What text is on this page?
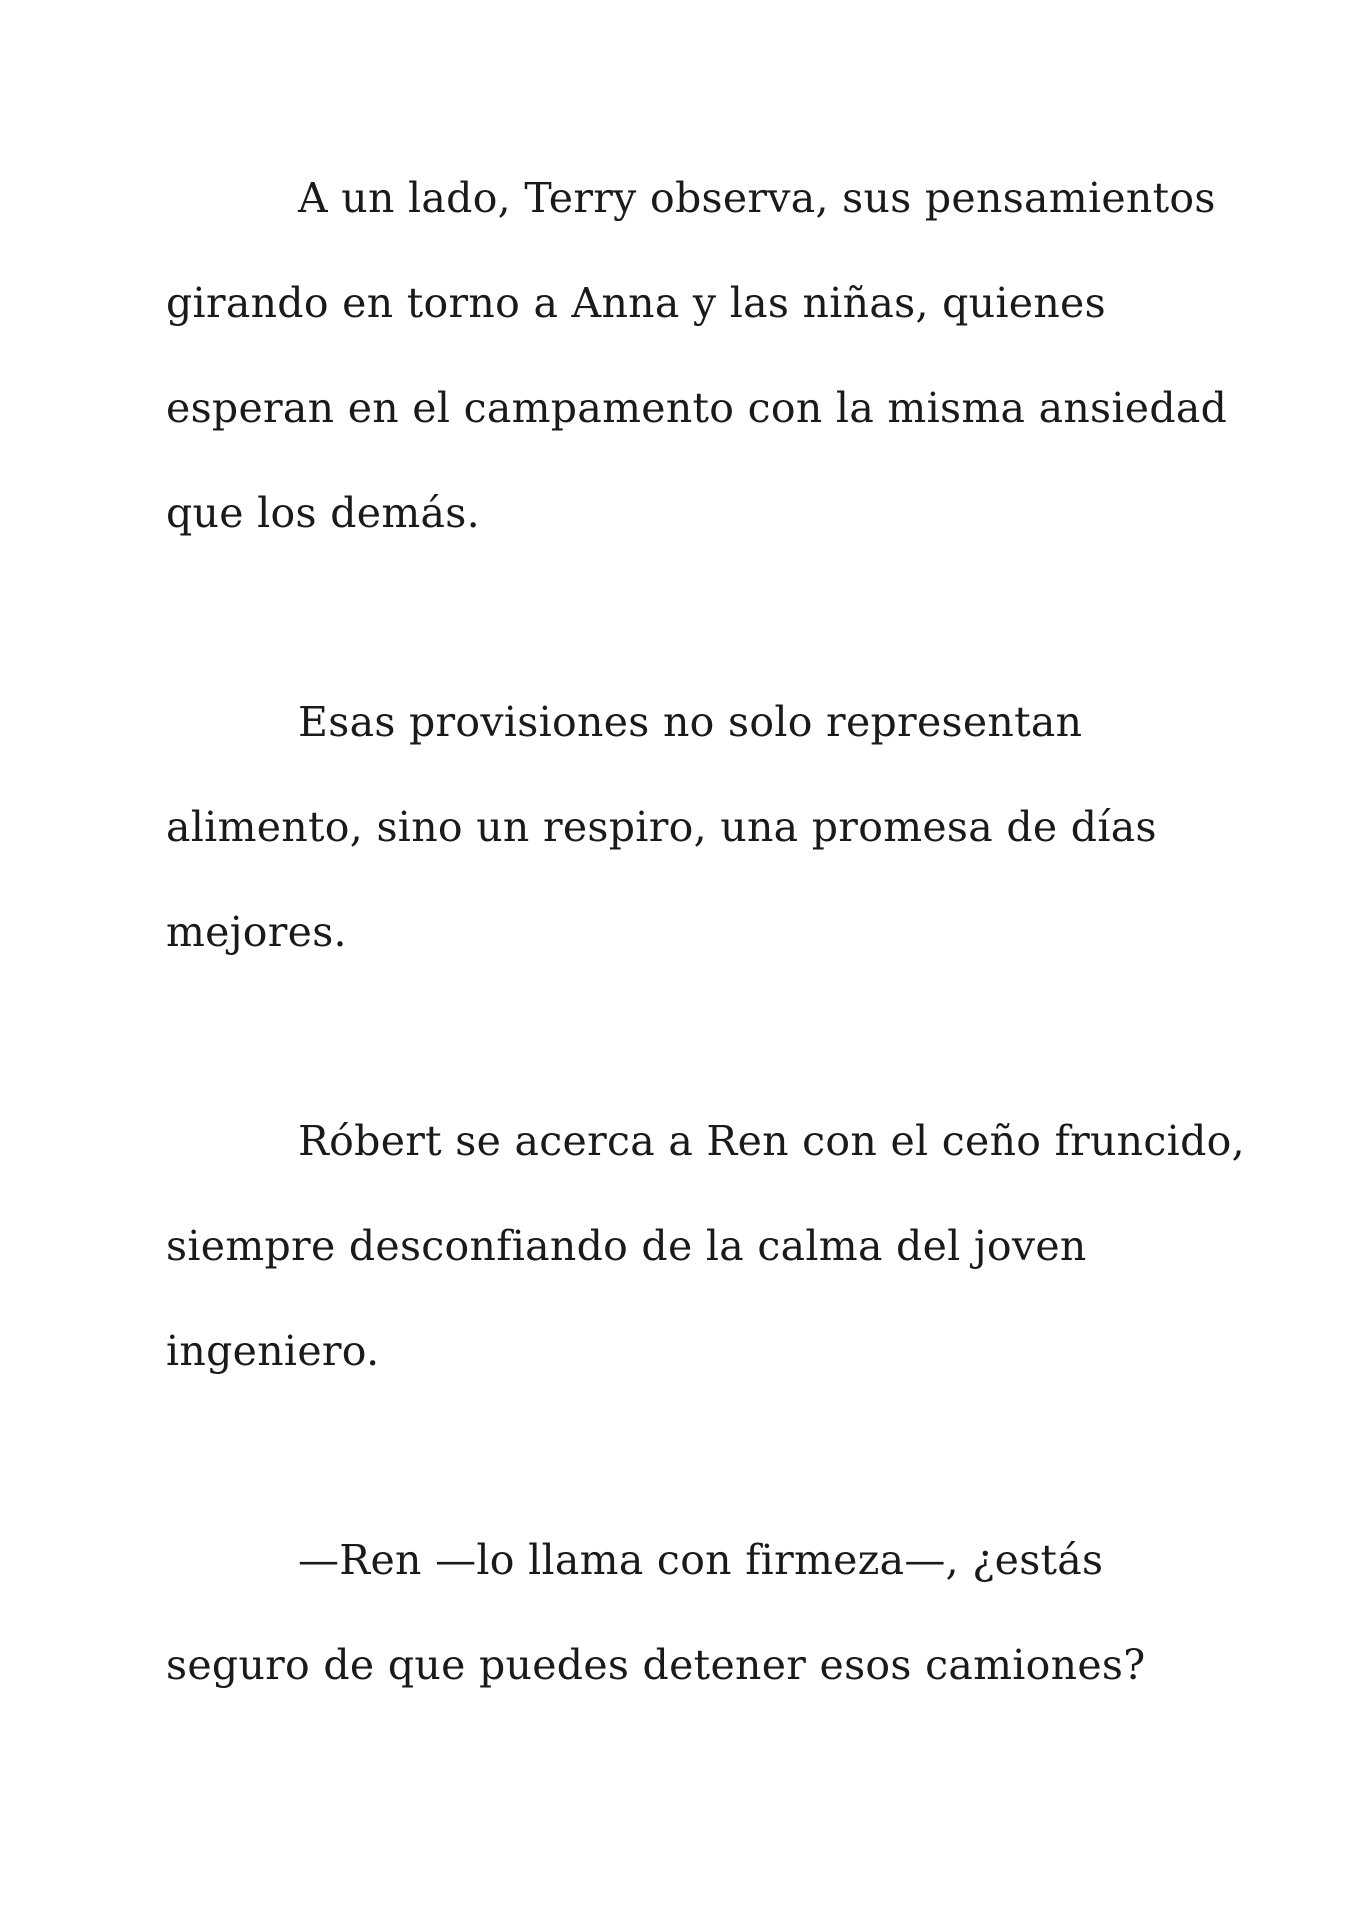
A un lado, Terry observa, sus pensamientos
girando en torno a Anna y las niñas, quienes
esperan en el campamento con la misma ansiedad
que los demás.
Esas provisiones no solo representan
alimento, sino un respiro, una promesa de días
mejores.
Róbert se acerca a Ren con el ceño fruncido,
siempre desconfiando de la calma del joven
ingeniero.
—Ren —lo llama con firmeza—, ¿estás
seguro de que puedes detener esos camiones?
